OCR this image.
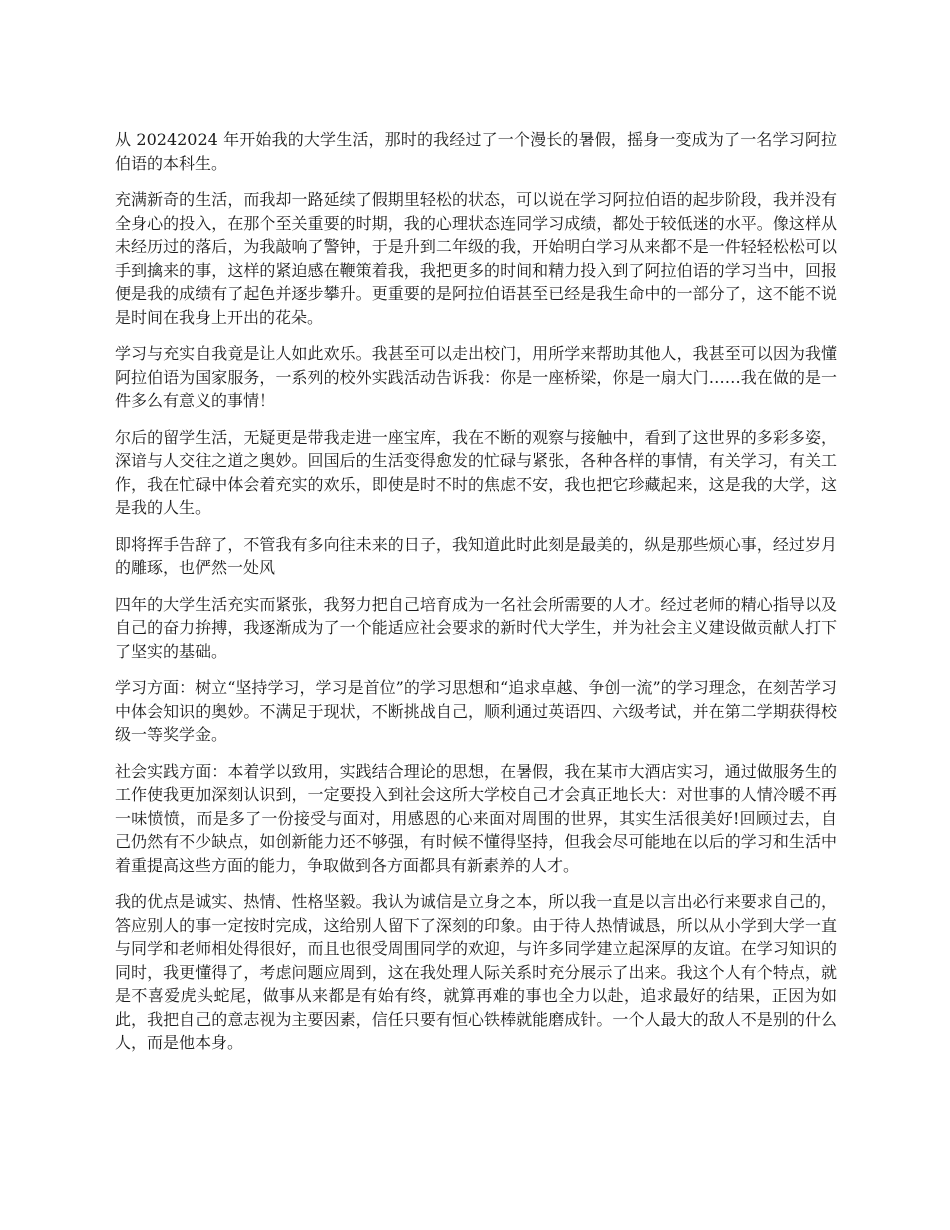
从 20242024 年开始我的大学生活，那时的我经过了一个漫长的暑假，摇身一变成为了一名学习阿拉伯语的本科生。

充满新奇的生活，而我却一路延续了假期里轻松的状态，可以说在学习阿拉伯语的起步阶段，我并没有全身心的投入，在那个至关重要的时期，我的心理状态连同学习成绩，都处于较低迷的水平。像这样从未经历过的落后，为我敲响了警钟，于是升到二年级的我，开始明白学习从来都不是一件轻轻松松可以手到擒来的事，这样的紧迫感在鞭策着我，我把更多的时间和精力投入到了阿拉伯语的学习当中，回报便是我的成绩有了起色并逐步攀升。更重要的是阿拉伯语甚至已经是我生命中的一部分了，这不能不说是时间在我身上开出的花朵。

学习与充实自我竟是让人如此欢乐。我甚至可以走出校门，用所学来帮助其他人，我甚至可以因为我懂阿拉伯语为国家服务，一系列的校外实践活动告诉我：你是一座桥梁，你是一扇大门……我在做的是一件多么有意义的事情！

尔后的留学生活，无疑更是带我走进一座宝库，我在不断的观察与接触中，看到了这世界的多彩多姿，深谙与人交往之道之奥妙。回国后的生活变得愈发的忙碌与紧张，各种各样的事情，有关学习，有关工作，我在忙碌中体会着充实的欢乐，即使是时不时的焦虑不安，我也把它珍藏起来，这是我的大学，这是我的人生。

即将挥手告辞了，不管我有多向往未来的日子，我知道此时此刻是最美的，纵是那些烦心事，经过岁月的雕琢，也俨然一处风

四年的大学生活充实而紧张，我努力把自己培育成为一名社会所需要的人才。经过老师的精心指导以及自己的奋力拚搏，我逐渐成为了一个能适应社会要求的新时代大学生，并为社会主义建设做贡献人打下了坚实的基础。

学习方面：树立“坚持学习，学习是首位”的学习思想和“追求卓越、争创一流”的学习理念，在刻苦学习中体会知识的奥妙。不满足于现状，不断挑战自己，顺利通过英语四、六级考试，并在第二学期获得校级一等奖学金。

社会实践方面：本着学以致用，实践结合理论的思想，在暑假，我在某市大酒店实习，通过做服务生的工作使我更加深刻认识到，一定要投入到社会这所大学校自己才会真正地长大：对世事的人情冷暖不再一味愤愤，而是多了一份接受与面对，用感恩的心来面对周围的世界，其实生活很美好!回顾过去，自己仍然有不少缺点，如创新能力还不够强，有时候不懂得坚持，但我会尽可能地在以后的学习和生活中着重提高这些方面的能力，争取做到各方面都具有新素养的人才。

我的优点是诚实、热情、性格坚毅。我认为诚信是立身之本，所以我一直是以言出必行来要求自己的，答应别人的事一定按时完成，这给别人留下了深刻的印象。由于待人热情诚恳，所以从小学到大学一直与同学和老师相处得很好，而且也很受周围同学的欢迎，与许多同学建立起深厚的友谊。在学习知识的同时，我更懂得了，考虑问题应周到，这在我处理人际关系时充分展示了出来。我这个人有个特点，就是不喜爱虎头蛇尾，做事从来都是有始有终，就算再难的事也全力以赴，追求最好的结果，正因为如此，我把自己的意志视为主要因素，信任只要有恒心铁棒就能磨成针。一个人最大的敌人不是别的什么人，而是他本身。
